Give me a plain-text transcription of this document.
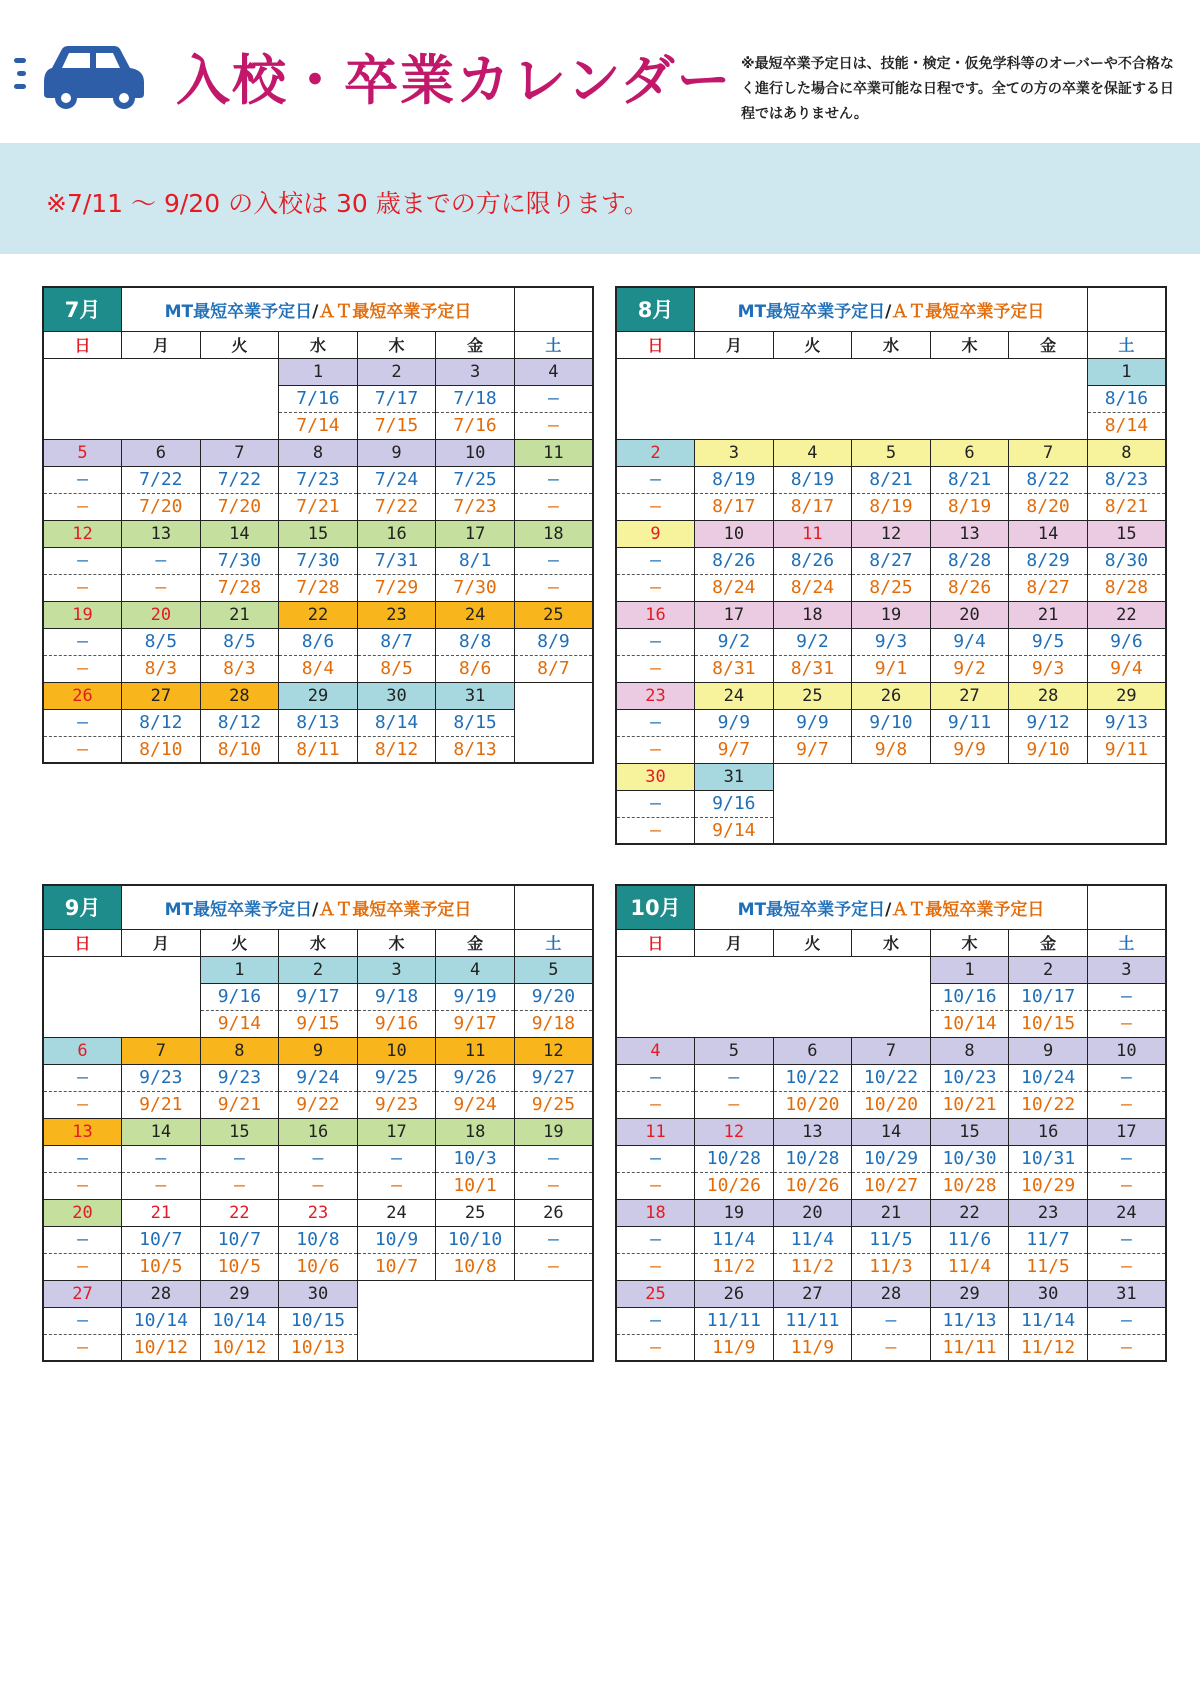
入校・卒業カレンダー ※最短卒業予定日は、技能・検定・仮免学科等のオーバーや不合格なく進行した場合に卒業可能な日程です。全ての方の卒業を保証する日程ではありません。
※7/11 〜 9/20 の入校は 30 歳までの方に限ります。
7月	MT最短卒業予定日/ＡＴ最短卒業予定日					
日	月	火	水	木	金	土
			1	2	3	4
			7/16	7/17	7/18	—
			7/14	7/15	7/16	—
5	6	7	8	9	10	11
—	7/22	7/22	7/23	7/24	7/25	—
—	7/20	7/20	7/21	7/22	7/23	—
12	13	14	15	16	17	18
—	—	7/30	7/30	7/31	8/1	—
—	—	7/28	7/28	7/29	7/30	—
19	20	21	22	23	24	25
—	8/5	8/5	8/6	8/7	8/8	8/9
—	8/3	8/3	8/4	8/5	8/6	8/7
26	27	28	29	30	31	
—	8/12	8/12	8/13	8/14	8/15	
—	8/10	8/10	8/11	8/12	8/13	
8月	MT最短卒業予定日/ＡＴ最短卒業予定日					
日	月	火	水	木	金	土
						1
						8/16
						8/14
2	3	4	5	6	7	8
—	8/19	8/19	8/21	8/21	8/22	8/23
—	8/17	8/17	8/19	8/19	8/20	8/21
9	10	11	12	13	14	15
—	8/26	8/26	8/27	8/28	8/29	8/30
—	8/24	8/24	8/25	8/26	8/27	8/28
16	17	18	19	20	21	22
—	9/2	9/2	9/3	9/4	9/5	9/6
—	8/31	8/31	9/1	9/2	9/3	9/4
23	24	25	26	27	28	29
—	9/9	9/9	9/10	9/11	9/12	9/13
—	9/7	9/7	9/8	9/9	9/10	9/11
30	31					
—	9/16					
—	9/14					
9月	MT最短卒業予定日/ＡＴ最短卒業予定日					
日	月	火	水	木	金	土
		1	2	3	4	5
		9/16	9/17	9/18	9/19	9/20
		9/14	9/15	9/16	9/17	9/18
6	7	8	9	10	11	12
—	9/23	9/23	9/24	9/25	9/26	9/27
—	9/21	9/21	9/22	9/23	9/24	9/25
13	14	15	16	17	18	19
—	—	—	—	—	10/3	—
—	—	—	—	—	10/1	—
20	21	22	23	24	25	26
—	10/7	10/7	10/8	10/9	10/10	—
—	10/5	10/5	10/6	10/7	10/8	—
27	28	29	30			
—	10/14	10/14	10/15			
—	10/12	10/12	10/13			
10月	MT最短卒業予定日/ＡＴ最短卒業予定日					
日	月	火	水	木	金	土
				1	2	3
				10/16	10/17	—
				10/14	10/15	—
4	5	6	7	8	9	10
—	—	10/22	10/22	10/23	10/24	—
—	—	10/20	10/20	10/21	10/22	—
11	12	13	14	15	16	17
—	10/28	10/28	10/29	10/30	10/31	—
—	10/26	10/26	10/27	10/28	10/29	—
18	19	20	21	22	23	24
—	11/4	11/4	11/5	11/6	11/7	—
—	11/2	11/2	11/3	11/4	11/5	—
25	26	27	28	29	30	31
—	11/11	11/11	—	11/13	11/14	—
—	11/9	11/9	—	11/11	11/12	—
